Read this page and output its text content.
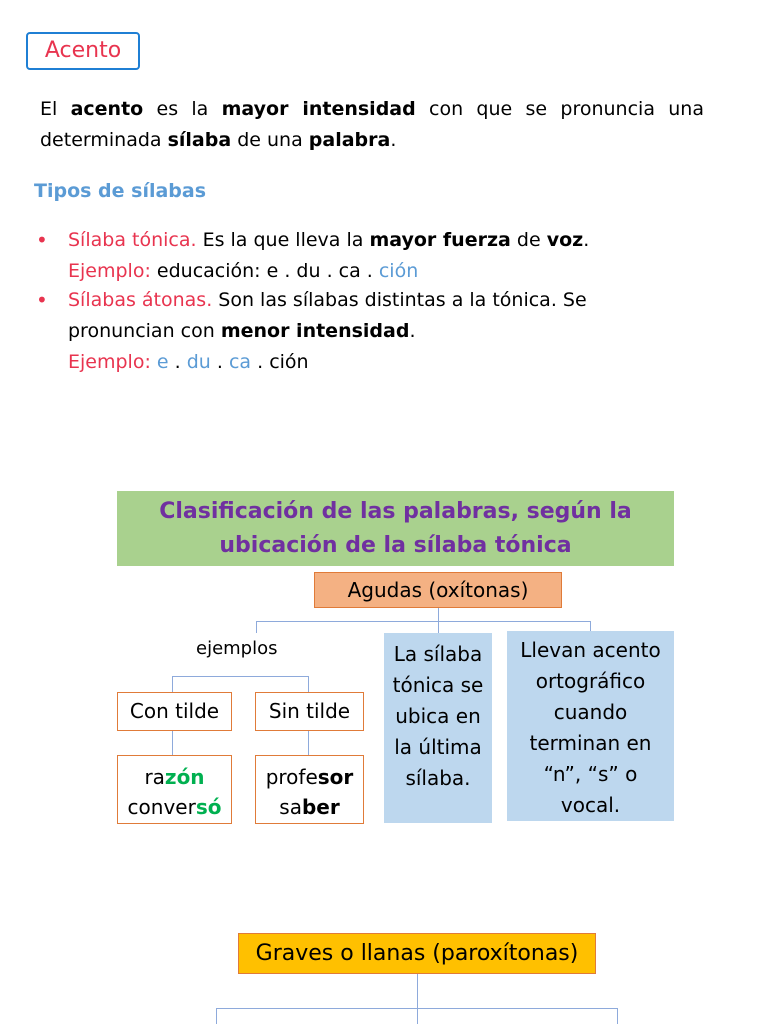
Acento
El acento es la mayor intensidad con que se pronuncia una determinada sílaba de una palabra.
Tipos de sílabas
• Sílaba tónica. Es la que lleva la mayor fuerza de voz.
Ejemplo: educación: e . du . ca . ción
• Sílabas átonas. Son las sílabas distintas a la tónica. Se
pronuncian con menor intensidad.
Ejemplo: e . du . ca . ción
Clasificación de las palabras, según la
ubicación de la sílaba tónica
Agudas (oxítonas)
ejemplos
Con tilde	Sin tilde
razón
conversó
profesor
saber
La sílaba
tónica se
ubica en
la última
sílaba.
Llevan acento
ortográfico
cuando
terminan en
“n”, “s” o
vocal.
Graves o llanas (paroxítonas)
